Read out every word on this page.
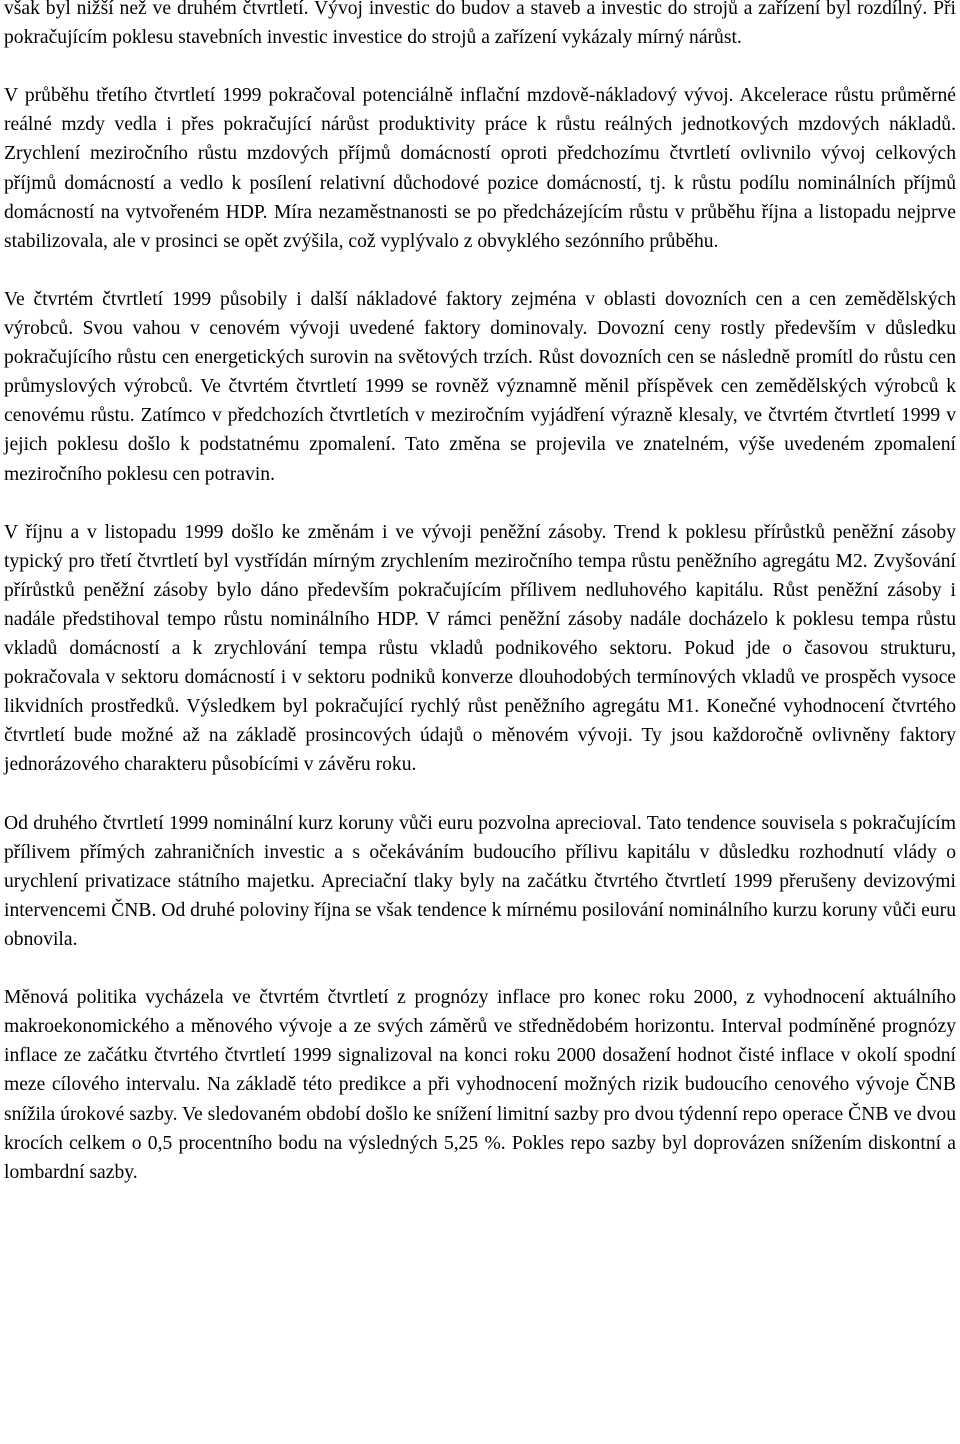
však byl nižší než ve druhém čtvrtletí. Vývoj investic do budov a staveb a investic do strojů a zařízení byl rozdílný. Při pokračujícím poklesu stavebních investic investice do strojů a zařízení vykázaly mírný nárůst.

V průběhu třetího čtvrtletí 1999 pokračoval potenciálně inflační mzdově-nákladový vývoj. Akcelerace růstu průměrné reálné mzdy vedla i přes pokračující nárůst produktivity práce k růstu reálných jednotkových mzdových nákladů. Zrychlení meziročního růstu mzdových příjmů domácností oproti předchozímu čtvrtletí ovlivnilo vývoj celkových příjmů domácností a vedlo k posílení relativní důchodové pozice domácností, tj. k růstu podílu nominálních příjmů domácností na vytvořeném HDP. Míra nezaměstnanosti se po předcházejícím růstu v průběhu října a listopadu nejprve stabilizovala, ale v prosinci se opět zvýšila, což vyplývalo z obvyklého sezónního průběhu.

Ve čtvrtém čtvrtletí 1999 působily i další nákladové faktory zejména v oblasti dovozních cen a cen zemědělských výrobců. Svou vahou v cenovém vývoji uvedené faktory dominovaly. Dovozní ceny rostly především v důsledku pokračujícího růstu cen energetických surovin na světových trzích. Růst dovozních cen se následně promítl do růstu cen průmyslových výrobců. Ve čtvrtém čtvrtletí 1999 se rovněž významně měnil příspěvek cen zemědělských výrobců k cenovému růstu. Zatímco v předchozích čtvrtletích v meziročním vyjádření výrazně klesaly, ve čtvrtém čtvrtletí 1999 v jejich poklesu došlo k podstatnému zpomalení. Tato změna se projevila ve znatelném, výše uvedeném zpomalení meziročního poklesu cen potravin.

V říjnu a v listopadu 1999 došlo ke změnám i ve vývoji peněžní zásoby. Trend k poklesu přírůstků peněžní zásoby typický pro třetí čtvrtletí byl vystřídán mírným zrychlením meziročního tempa růstu peněžního agregátu M2. Zvyšování přírůstků peněžní zásoby bylo dáno především pokračujícím přílivem nedluhového kapitálu. Růst peněžní zásoby i nadále předstihoval tempo růstu nominálního HDP. V rámci peněžní zásoby nadále docházelo k poklesu tempa růstu vkladů domácností a k zrychlování tempa růstu vkladů podnikového sektoru. Pokud jde o časovou strukturu, pokračovala v sektoru domácností i v sektoru podniků konverze dlouhodobých termínových vkladů ve prospěch vysoce likvidních prostředků. Výsledkem byl pokračující rychlý růst peněžního agregátu M1. Konečné vyhodnocení čtvrtého čtvrtletí bude možné až na základě prosincových údajů o měnovém vývoji. Ty jsou každoročně ovlivněny faktory jednorázového charakteru působícími v závěru roku.

Od druhého čtvrtletí 1999 nominální kurz koruny vůči euru pozvolna aprecioval. Tato tendence souvisela s pokračujícím přílivem přímých zahraničních investic a s očekáváním budoucího přílivu kapitálu v důsledku rozhodnutí vlády o urychlení privatizace státního majetku. Apreciační tlaky byly na začátku čtvrtého čtvrtletí 1999 přerušeny devizovými intervencemi ČNB. Od druhé poloviny října se však tendence k mírnému posilování nominálního kurzu koruny vůči euru obnovila.

Měnová politika vycházela ve čtvrtém čtvrtletí z prognózy inflace pro konec roku 2000, z vyhodnocení aktuálního makroekonomického a měnového vývoje a ze svých záměrů ve střednědobém horizontu. Interval podmíněné prognózy inflace ze začátku čtvrtého čtvrtletí 1999 signalizoval na konci roku 2000 dosažení hodnot čisté inflace v okolí spodní meze cílového intervalu. Na základě této predikce a při vyhodnocení možných rizik budoucího cenového vývoje ČNB snížila úrokové sazby. Ve sledovaném období došlo ke snížení limitní sazby pro dvou týdenní repo operace ČNB ve dvou krocích celkem o 0,5 procentního bodu na výsledných 5,25 %. Pokles repo sazby byl doprovázen snížením diskontní a lombardní sazby.
